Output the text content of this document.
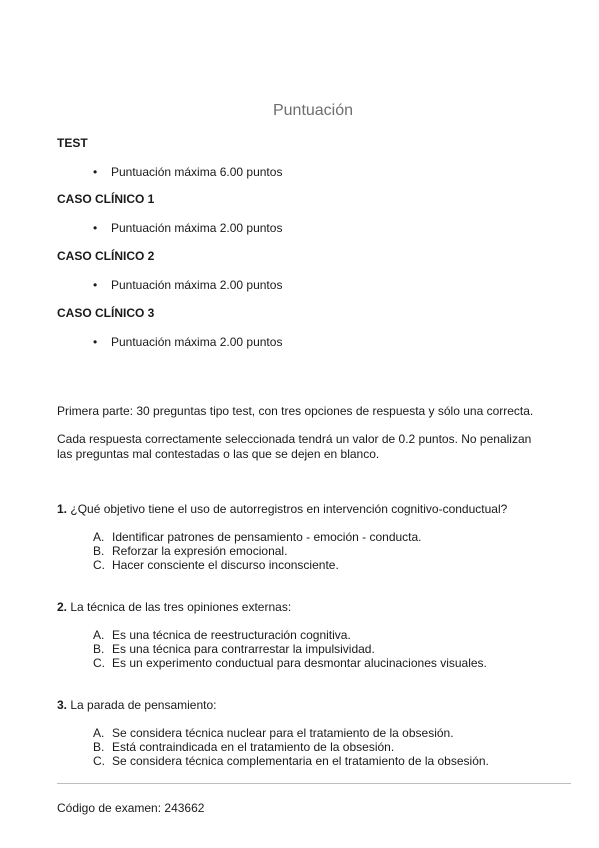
Puntuación
TEST
• Puntuación máxima 6.00 puntos
CASO CLÍNICO 1
• Puntuación máxima 2.00 puntos
CASO CLÍNICO 2
• Puntuación máxima 2.00 puntos
CASO CLÍNICO 3
• Puntuación máxima 2.00 puntos
Primera parte: 30 preguntas tipo test, con tres opciones de respuesta y sólo una correcta.
Cada respuesta correctamente seleccionada tendrá un valor de 0.2 puntos. No penalizan las preguntas mal contestadas o las que se dejen en blanco.
1. ¿Qué objetivo tiene el uso de autorregistros en intervención cognitivo-conductual?
A. Identificar patrones de pensamiento - emoción - conducta.
B. Reforzar la expresión emocional.
C. Hacer consciente el discurso inconsciente.
2. La técnica de las tres opiniones externas:
A. Es una técnica de reestructuración cognitiva.
B. Es una técnica para contrarrestar la impulsividad.
C. Es un experimento conductual para desmontar alucinaciones visuales.
3. La parada de pensamiento:
A. Se considera técnica nuclear para el tratamiento de la obsesión.
B. Está contraindicada en el tratamiento de la obsesión.
C. Se considera técnica complementaria en el tratamiento de la obsesión.
Código de examen: 243662
